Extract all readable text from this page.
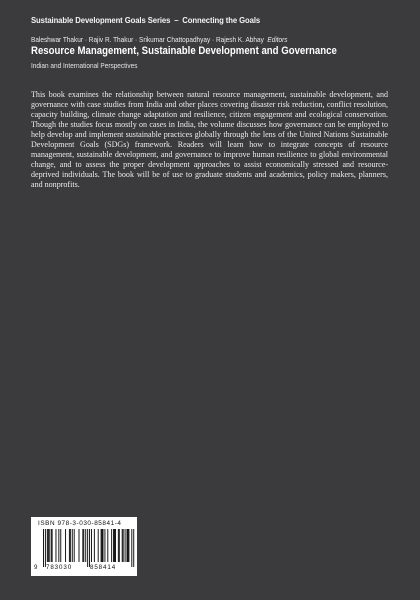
Sustainable Development Goals Series – Connecting the Goals
Baleshwar Thakur · Rajiv R. Thakur · Srikumar Chattopadhyay · Rajesh K. Abhay Editors
Resource Management, Sustainable Development and Governance
Indian and International Perspectives

This book examines the relationship between natural resource management, sustainable development, and governance with case studies from India and other places covering disaster risk reduction, conflict resolution, capacity building, climate change adaptation and resilience, citizen engagement and ecological conservation. Though the studies focus mostly on cases in India, the volume discusses how governance can be employed to help develop and implement sustainable practices globally through the lens of the United Nations Sustainable Development Goals (SDGs) framework. Readers will learn how to integrate concepts of resource management, sustainable development, and governance to improve human resilience to global environmental change, and to assess the proper development approaches to assist economically stressed and resource-deprived individuals. The book will be of use to graduate students and academics, policy makers, planners, and nonprofits.

ISBN 978-3-030-85841-4
9 783030	858414
